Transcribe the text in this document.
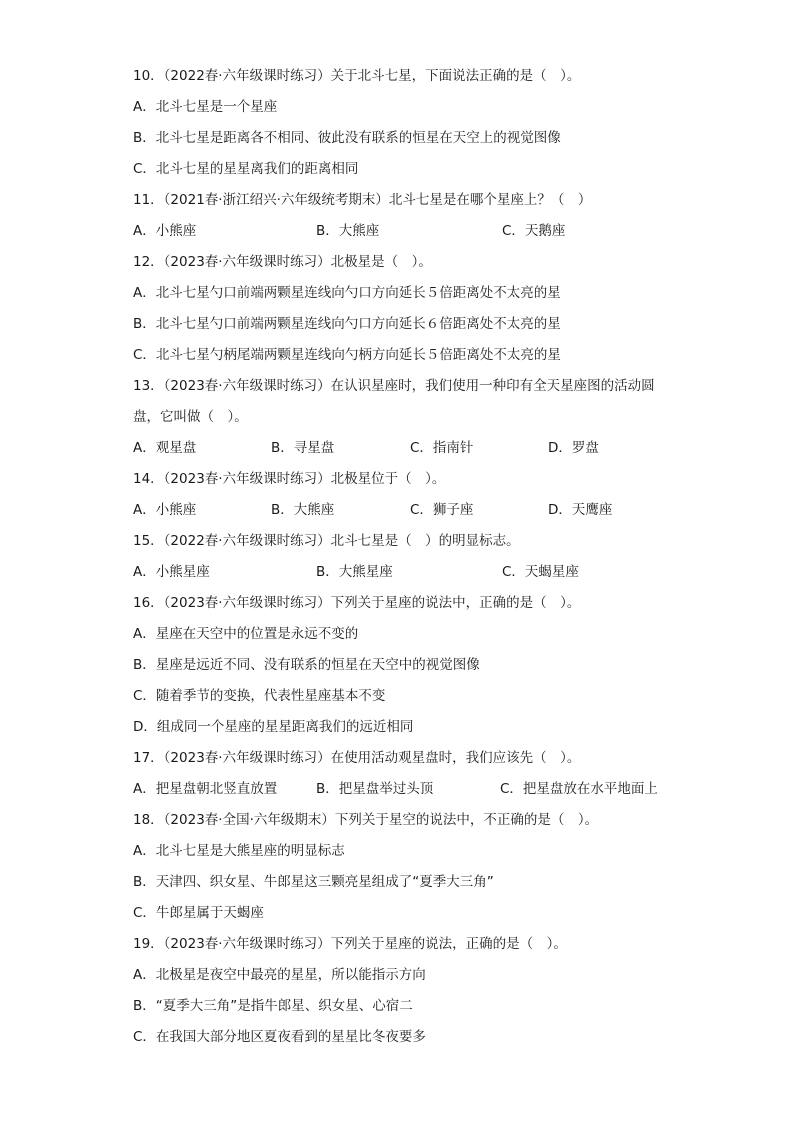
10．（2022春·六年级课时练习）关于北斗七星，下面说法正确的是（　）。
A．北斗七星是一个星座
B．北斗七星是距离各不相同、彼此没有联系的恒星在天空上的视觉图像
C．北斗七星的星星离我们的距离相同
11．（2021春·浙江绍兴·六年级统考期末）北斗七星是在哪个星座上？（　）
A．小熊座	B．大熊座	C．天鹅座
12．（2023春·六年级课时练习）北极星是（　）。
A．北斗七星勺口前端两颗星连线向勺口方向延长５倍距离处不太亮的星
B．北斗七星勺口前端两颗星连线向勺口方向延长６倍距离处不太亮的星
C．北斗七星勺柄尾端两颗星连线向勺柄方向延长５倍距离处不太亮的星
13．（2023春·六年级课时练习）在认识星座时，我们使用一种印有全天星座图的活动圆
盘，它叫做（　）。
A．观星盘	B．寻星盘	C．指南针	D．罗盘
14．（2023春·六年级课时练习）北极星位于（　）。
A．小熊座	B．大熊座	C．狮子座	D．天鹰座
15．（2022春·六年级课时练习）北斗七星是（　）的明显标志。
A．小熊星座	B．大熊星座	C．天蝎星座
16．（2023春·六年级课时练习）下列关于星座的说法中，正确的是（　）。
A．星座在天空中的位置是永远不变的
B．星座是远近不同、没有联系的恒星在天空中的视觉图像
C．随着季节的变换，代表性星座基本不变
D．组成同一个星座的星星距离我们的远近相同
17．（2023春·六年级课时练习）在使用活动观星盘时，我们应该先（　）。
A．把星盘朝北竖直放置	B．把星盘举过头顶	C．把星盘放在水平地面上
18．（2023春·全国·六年级期末）下列关于星空的说法中，不正确的是（　）。
A．北斗七星是大熊星座的明显标志
B．天津四、织女星、牛郎星这三颗亮星组成了“夏季大三角”
C．牛郎星属于天蝎座
19．（2023春·六年级课时练习）下列关于星座的说法，正确的是（　）。
A．北极星是夜空中最亮的星星，所以能指示方向
B．“夏季大三角”是指牛郎星、织女星、心宿二
C．在我国大部分地区夏夜看到的星星比冬夜要多
